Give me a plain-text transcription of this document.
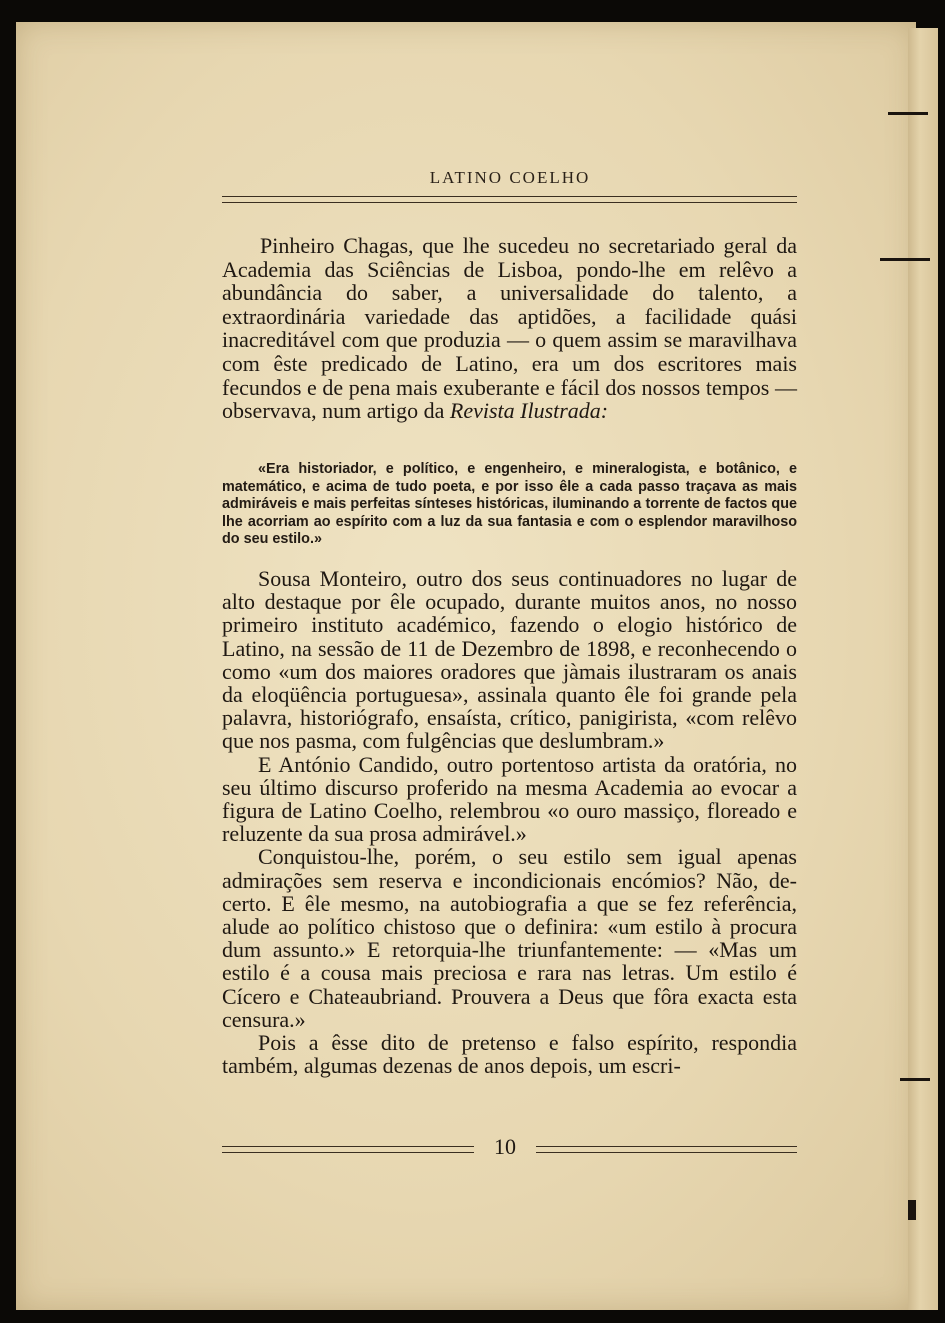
LATINO COELHO

Pinheiro Chagas, que lhe sucedeu no secretariado geral da Academia das Sciências de Lisboa, pondo-lhe em relêvo a abundância do saber, a universalidade do talento, a extraordinária variedade das aptidões, a facilidade quási inacreditável com que produzia — o quem assim se maravilhava com êste predicado de Latino, era um dos escritores mais fecundos e de pena mais exuberante e fácil dos nossos tempos — observava, num artigo da Revista Ilustrada:

«Era historiador, e político, e engenheiro, e mineralogista, e botânico, e matemático, e acima de tudo poeta, e por isso êle a cada passo traçava as mais admiráveis e mais perfeitas sínteses históricas, iluminando a torrente de factos que lhe acorriam ao espírito com a luz da sua fantasia e com o esplendor maravilhoso do seu estilo.»

Sousa Monteiro, outro dos seus continuadores no lugar de alto destaque por êle ocupado, durante muitos anos, no nosso primeiro instituto académico, fazendo o elogio histórico de Latino, na sessão de 11 de Dezembro de 1898, e reconhecendo o como «um dos maiores oradores que jàmais ilustraram os anais da eloqüência portuguesa», assinala quanto êle foi grande pela palavra, historiógrafo, ensaísta, crítico, panigirista, «com relêvo que nos pasma, com fulgências que deslumbram.»

E António Candido, outro portentoso artista da oratória, no seu último discurso proferido na mesma Academia ao evocar a figura de Latino Coelho, relembrou «o ouro massiço, floreado e reluzente da sua prosa admirável.»

Conquistou-lhe, porém, o seu estilo sem igual apenas admirações sem reserva e incondicionais encómios? Não, de-certo. E êle mesmo, na autobiografia a que se fez referência, alude ao político chistoso que o definira: «um estilo à procura dum assunto.» E retorquia-lhe triunfantemente: — «Mas um estilo é a cousa mais preciosa e rara nas letras. Um estilo é Cícero e Chateaubriand. Prouvera a Deus que fôra exacta esta censura.»

Pois a êsse dito de pretenso e falso espírito, respondia também, algumas dezenas de anos depois, um escri-

10
